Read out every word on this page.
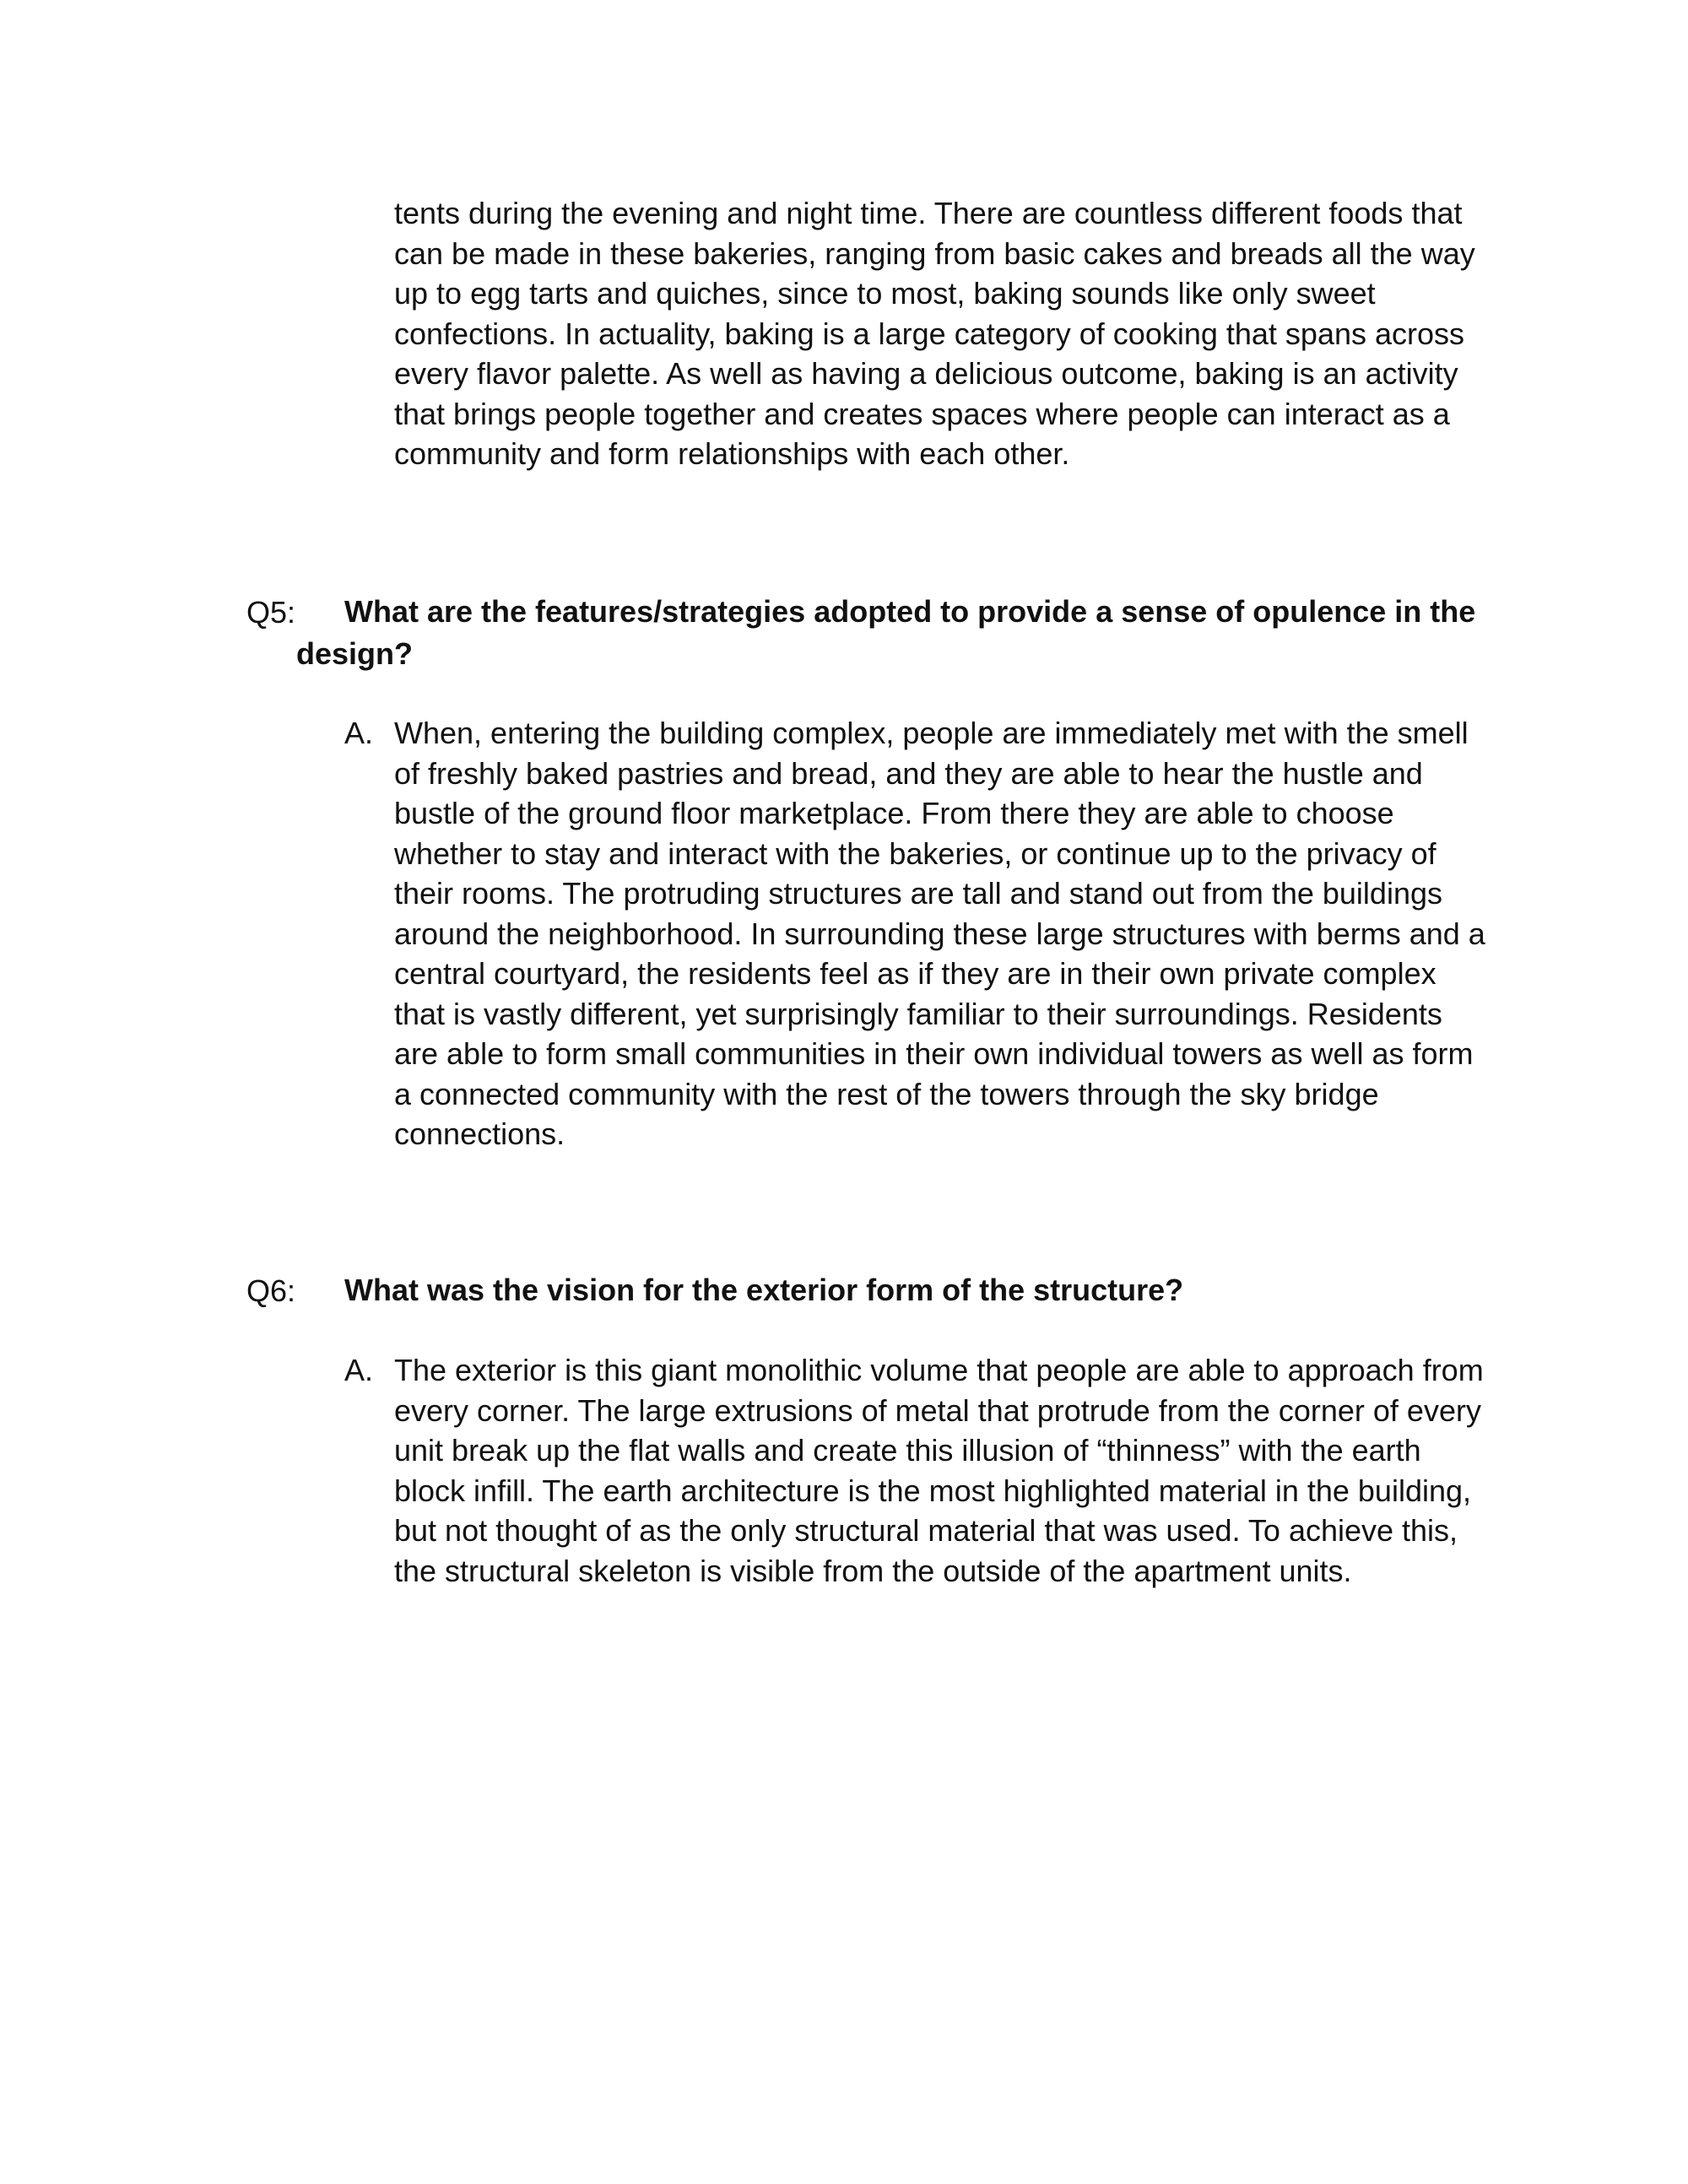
tents during the evening and night time. There are countless different foods that
can be made in these bakeries, ranging from basic cakes and breads all the way
up to egg tarts and quiches, since to most, baking sounds like only sweet
confections. In actuality, baking is a large category of cooking that spans across
every flavor palette. As well as having a delicious outcome, baking is an activity
that brings people together and creates spaces where people can interact as a
community and form relationships with each other.
Q5: What are the features/strategies adopted to provide a sense of opulence in the
design?
A. When, entering the building complex, people are immediately met with the smell
of freshly baked pastries and bread, and they are able to hear the hustle and
bustle of the ground floor marketplace. From there they are able to choose
whether to stay and interact with the bakeries, or continue up to the privacy of
their rooms. The protruding structures are tall and stand out from the buildings
around the neighborhood. In surrounding these large structures with berms and a
central courtyard, the residents feel as if they are in their own private complex
that is vastly different, yet surprisingly familiar to their surroundings. Residents
are able to form small communities in their own individual towers as well as form
a connected community with the rest of the towers through the sky bridge
connections.
Q6: What was the vision for the exterior form of the structure?
A. The exterior is this giant monolithic volume that people are able to approach from
every corner. The large extrusions of metal that protrude from the corner of every
unit break up the flat walls and create this illusion of “thinness” with the earth
block infill. The earth architecture is the most highlighted material in the building,
but not thought of as the only structural material that was used. To achieve this,
the structural skeleton is visible from the outside of the apartment units.
